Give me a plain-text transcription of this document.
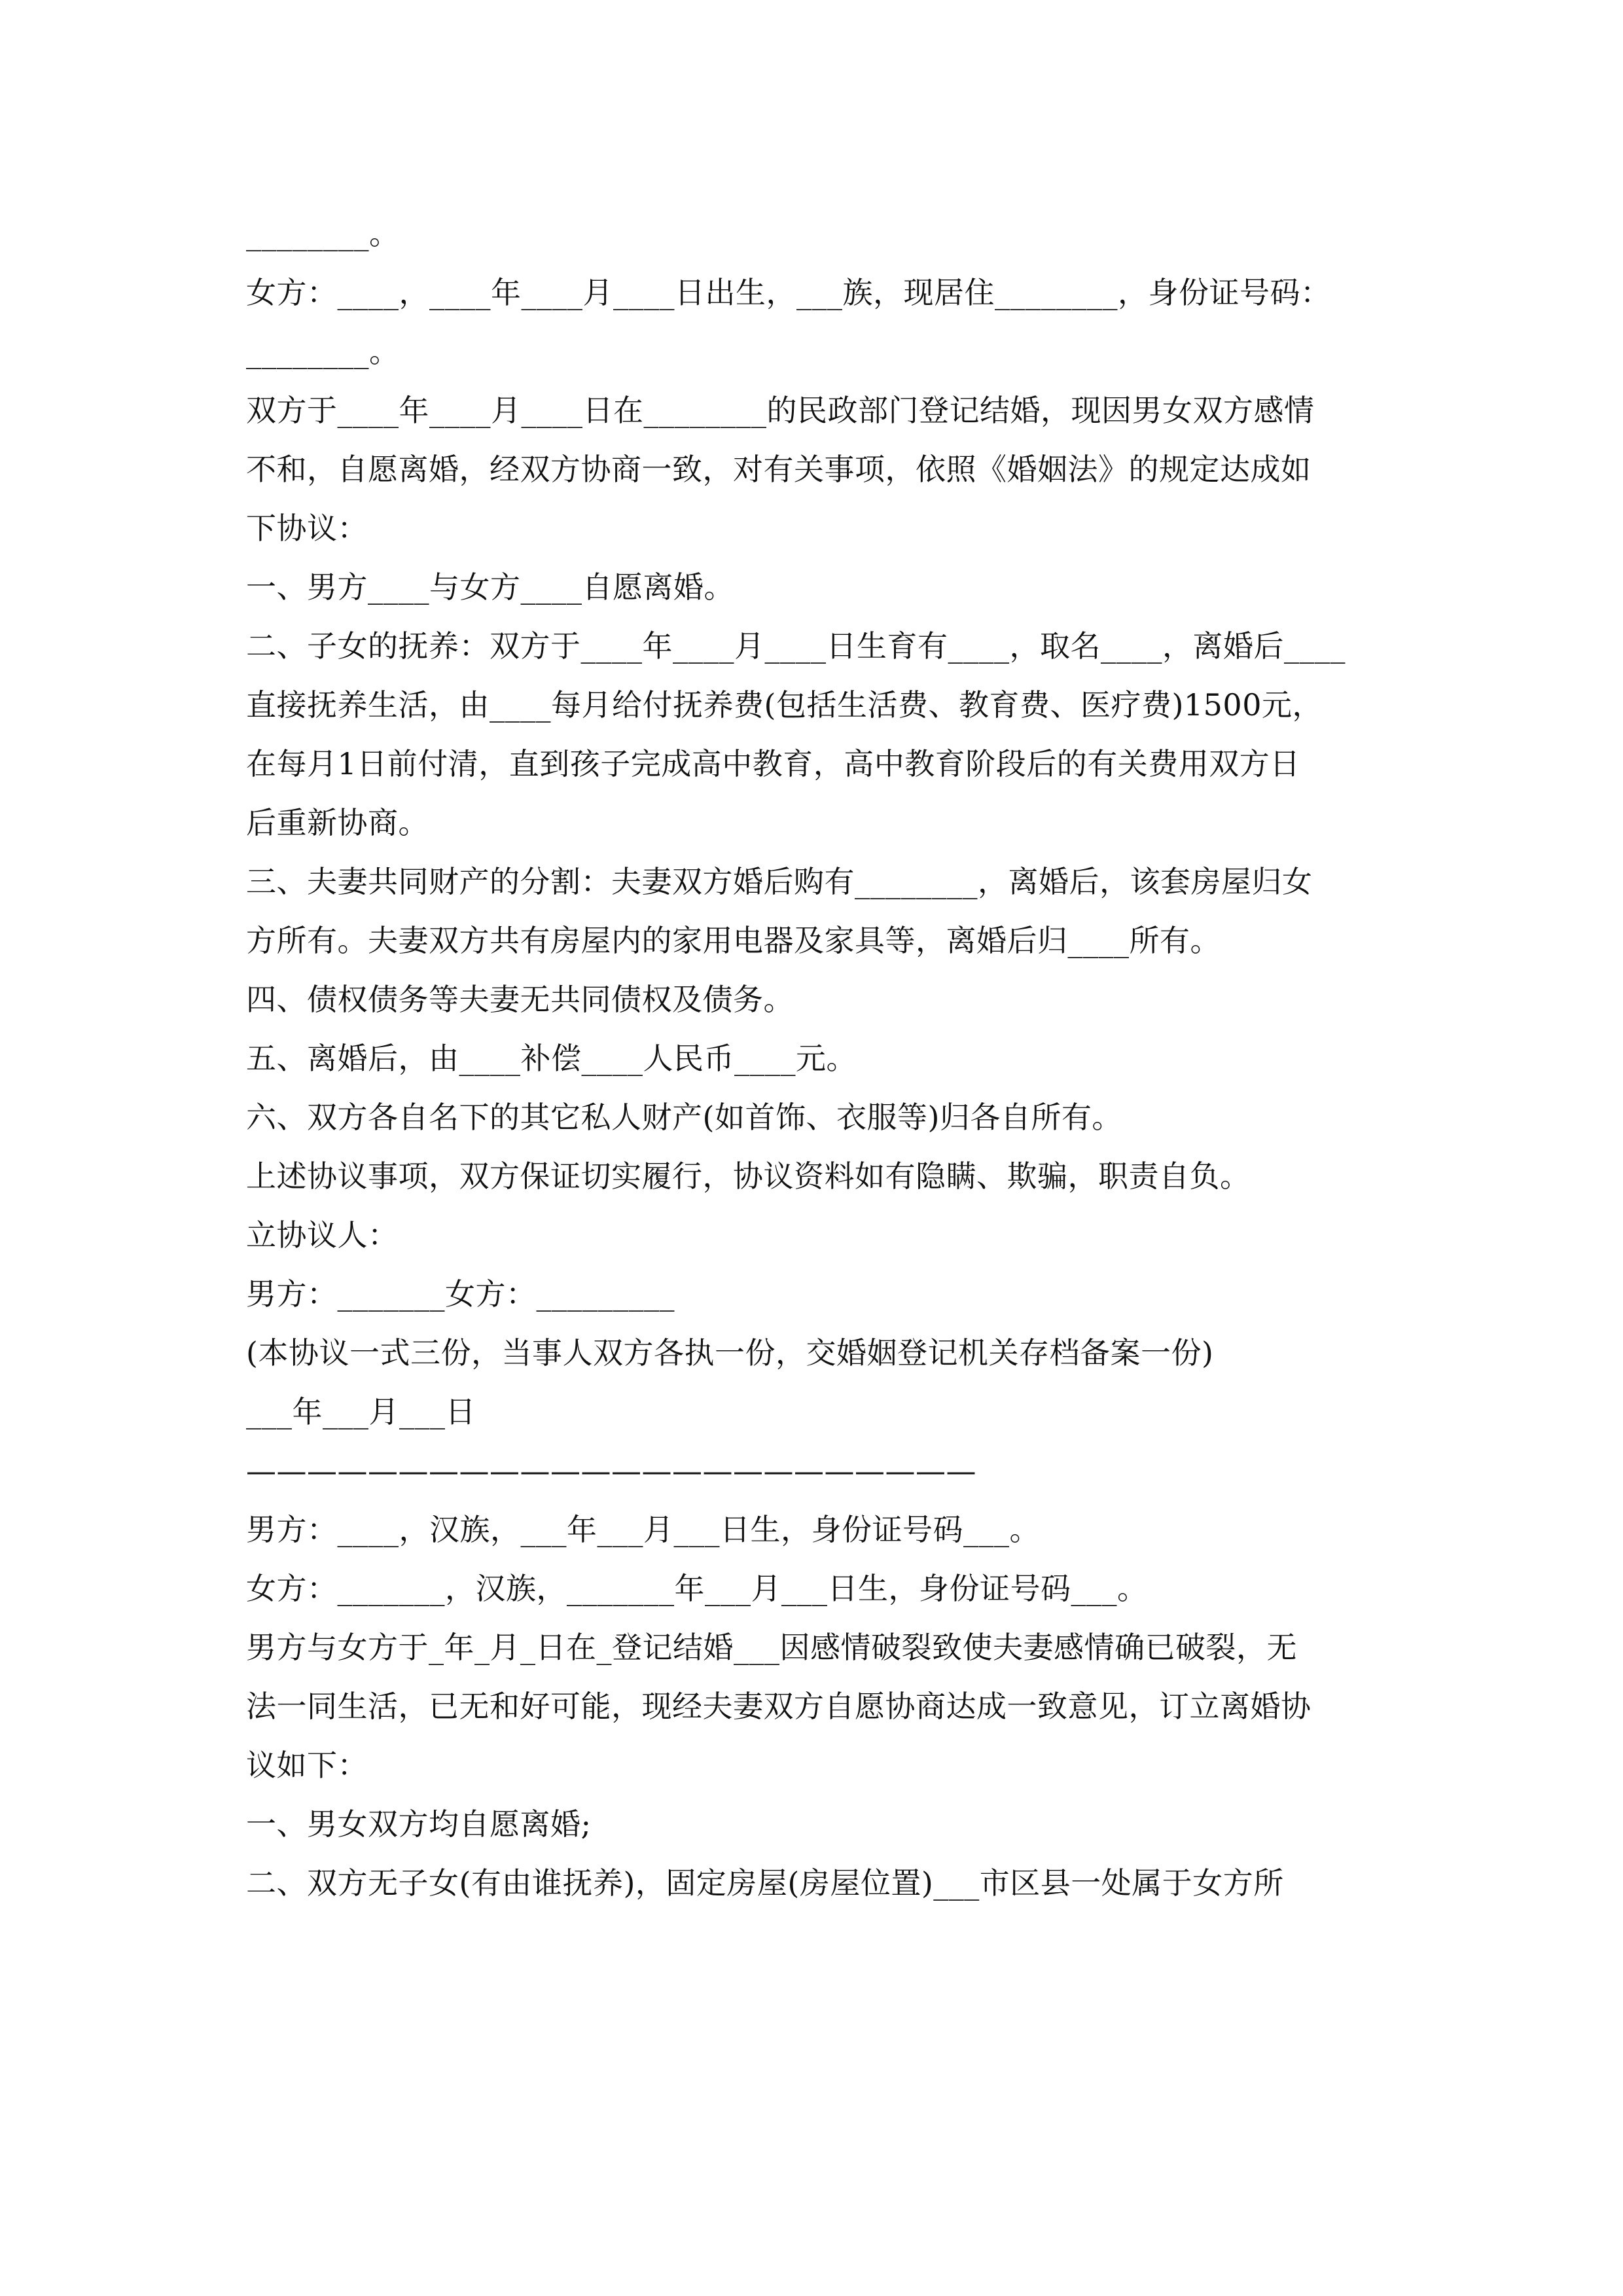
________。

女方：____，____年____月____日出生，___族，现居住________，身份证号码：

________。

双方于____年____月____日在________的民政部门登记结婚，现因男女双方感情

不和，自愿离婚，经双方协商一致，对有关事项，依照《婚姻法》的规定达成如

下协议：

一、男方____与女方____自愿离婚。

二、子女的抚养：双方于____年____月____日生育有____，取名____，离婚后____

直接抚养生活，由____每月给付抚养费(包括生活费、教育费、医疗费)1500元，

在每月1日前付清，直到孩子完成高中教育，高中教育阶段后的有关费用双方日

后重新协商。

三、夫妻共同财产的分割：夫妻双方婚后购有________，离婚后，该套房屋归女

方所有。夫妻双方共有房屋内的家用电器及家具等，离婚后归____所有。

四、债权债务等夫妻无共同债权及债务。

五、离婚后，由____补偿____人民币____元。

六、双方各自名下的其它私人财产(如首饰、衣服等)归各自所有。

上述协议事项，双方保证切实履行，协议资料如有隐瞒、欺骗，职责自负。

立协议人：

男方：_______女方：_________

(本协议一式三份，当事人双方各执一份，交婚姻登记机关存档备案一份)

___年___月___日

————————————————————————

男方：____，汉族，___年___月___日生，身份证号码___。

女方：_______，汉族，_______年___月___日生，身份证号码___。

男方与女方于_年_月_日在_登记结婚___因感情破裂致使夫妻感情确已破裂，无

法一同生活，已无和好可能，现经夫妻双方自愿协商达成一致意见，订立离婚协

议如下：

一、男女双方均自愿离婚;

二、双方无子女(有由谁抚养)，固定房屋(房屋位置)___市区县一处属于女方所
